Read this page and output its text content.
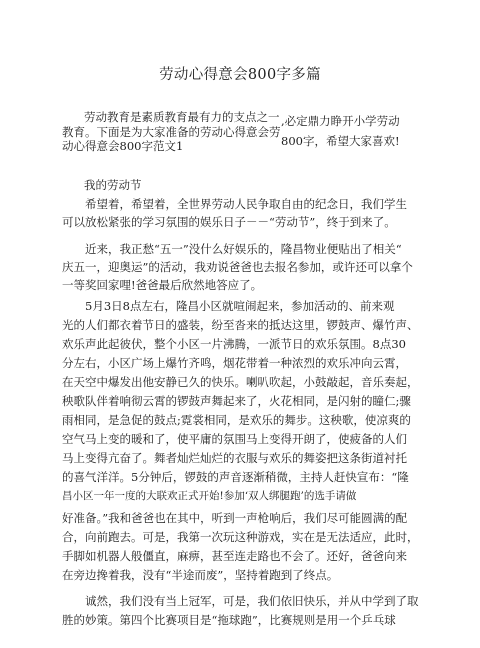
劳动心得意会800字多篇
劳动教育是素质教育最有力的支点之一
教育。下面是为大家准备的劳动心得意会劳
动心得意会800字范文1
,必定鼎力睁开小学劳动
800字，希望大家喜欢!
我的劳动节
　　希望着，希望着，全世界劳动人民争取自由的纪念日，我们学生
可以放松紧张的学习氛围的娱乐日子－－“劳动节”，终于到来了。
　　近来，我正愁“五一”没什么好娱乐的，隆昌物业便贴出了相关“
庆五一，迎奥运”的活动，我劝说爸爸也去报名参加，或许还可以拿个
一等奖回家哩!爸爸最后欣然地答应了。
　　5月3日8点左右，隆昌小区就喧闹起来，参加活动的、前来观
光的人们都衣着节日的盛装，纷至沓来的抵达这里，锣鼓声、爆竹声、
欢乐声此起彼伏，整个小区一片沸腾，一派节日的欢乐氛围。8点30
分左右，小区广场上爆竹齐鸣，烟花带着一种浓烈的欢乐冲向云霄，
在天空中爆发出他安静已久的快乐。喇叭吹起，小鼓敲起，音乐奏起，
秧歌队伴着响彻云霄的锣鼓声舞起来了，火花相同，是闪射的瞳仁;骤
雨相同，是急促的鼓点;霓裳相同，是欢乐的舞步。这秧歌，使凉爽的
空气马上变的暖和了，使平庸的氛围马上变得开朗了，使疲备的人们
马上变得亢奋了。舞者灿烂灿烂的衣服与欢乐的舞姿把这条街道衬托
的喜气洋洋。5分钟后，锣鼓的声音逐渐稍微，主持人赶快宣布：“隆
昌小区一年一度的大联欢正式开始!参加‘双人绑腿跑’的选手请做
好准备。”我和爸爸也在其中，听到一声枪响后，我们尽可能圆满的配
合，向前跑去。可是，我第一次玩这种游戏，实在是无法适应，此时，
手脚如机器人般僵直，麻痹，甚至连走路也不会了。还好，爸爸向来
在旁边搀着我，没有“半途而废”，坚持着跑到了终点。
　　诚然，我们没有当上冠军，可是，我们依旧快乐，并从中学到了取
胜的妙策。第四个比赛项目是“拖球跑”，比赛规则是用一个乒乓球
